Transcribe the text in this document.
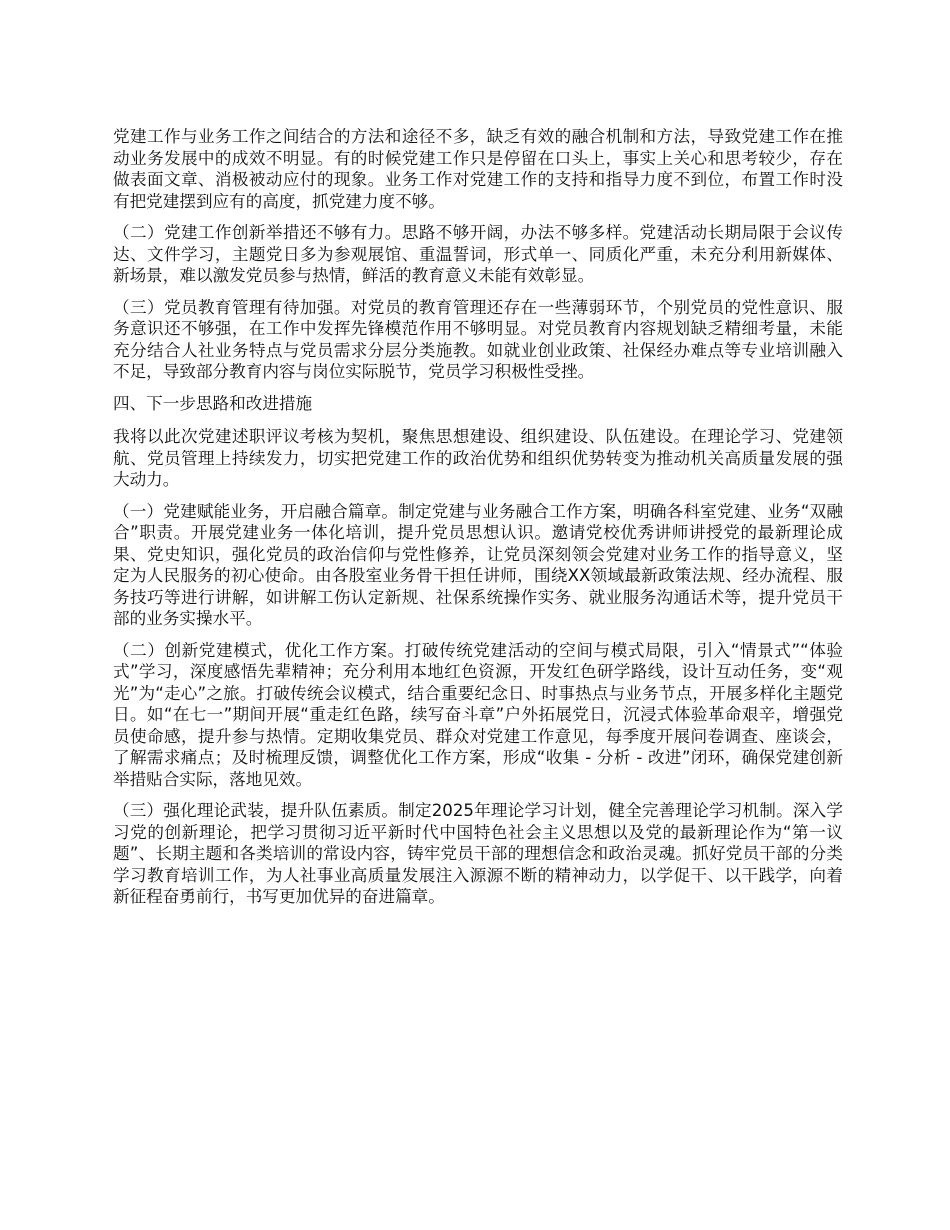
党建工作与业务工作之间结合的方法和途径不多，缺乏有效的融合机制和方法，导致党建工作在推动业务发展中的成效不明显。有的时候党建工作只是停留在口头上，事实上关心和思考较少，存在做表面文章、消极被动应付的现象。业务工作对党建工作的支持和指导力度不到位，布置工作时没有把党建摆到应有的高度，抓党建力度不够。

（二）党建工作创新举措还不够有力。思路不够开阔，办法不够多样。党建活动长期局限于会议传达、文件学习，主题党日多为参观展馆、重温誓词，形式单一、同质化严重，未充分利用新媒体、新场景，难以激发党员参与热情，鲜活的教育意义未能有效彰显。

（三）党员教育管理有待加强。对党员的教育管理还存在一些薄弱环节，个别党员的党性意识、服务意识还不够强，在工作中发挥先锋模范作用不够明显。对党员教育内容规划缺乏精细考量，未能充分结合人社业务特点与党员需求分层分类施教。如就业创业政策、社保经办难点等专业培训融入不足，导致部分教育内容与岗位实际脱节，党员学习积极性受挫。

四、下一步思路和改进措施

我将以此次党建述职评议考核为契机，聚焦思想建设、组织建设、队伍建设。在理论学习、党建领航、党员管理上持续发力，切实把党建工作的政治优势和组织优势转变为推动机关高质量发展的强大动力。

（一）党建赋能业务，开启融合篇章。制定党建与业务融合工作方案，明确各科室党建、业务“双融合”职责。开展党建业务一体化培训，提升党员思想认识。邀请党校优秀讲师讲授党的最新理论成果、党史知识，强化党员的政治信仰与党性修养，让党员深刻领会党建对业务工作的指导意义，坚定为人民服务的初心使命。由各股室业务骨干担任讲师，围绕XX领域最新政策法规、经办流程、服务技巧等进行讲解，如讲解工伤认定新规、社保系统操作实务、就业服务沟通话术等，提升党员干部的业务实操水平。

（二）创新党建模式，优化工作方案。打破传统党建活动的空间与模式局限，引入“情景式”“体验式”学习，深度感悟先辈精神；充分利用本地红色资源，开发红色研学路线，设计互动任务，变“观光”为“走心”之旅。打破传统会议模式，结合重要纪念日、时事热点与业务节点，开展多样化主题党日。如“在七一”期间开展“重走红色路，续写奋斗章”户外拓展党日，沉浸式体验革命艰辛，增强党员使命感，提升参与热情。定期收集党员、群众对党建工作意见，每季度开展问卷调查、座谈会，了解需求痛点；及时梳理反馈，调整优化工作方案，形成“收集 - 分析 - 改进”闭环，确保党建创新举措贴合实际，落地见效。

（三）强化理论武装，提升队伍素质。制定2025年理论学习计划，健全完善理论学习机制。深入学习党的创新理论，把学习贯彻习近平新时代中国特色社会主义思想以及党的最新理论作为“第一议题”、长期主题和各类培训的常设内容，铸牢党员干部的理想信念和政治灵魂。抓好党员干部的分类学习教育培训工作，为人社事业高质量发展注入源源不断的精神动力，以学促干、以干践学，向着新征程奋勇前行，书写更加优异的奋进篇章。
